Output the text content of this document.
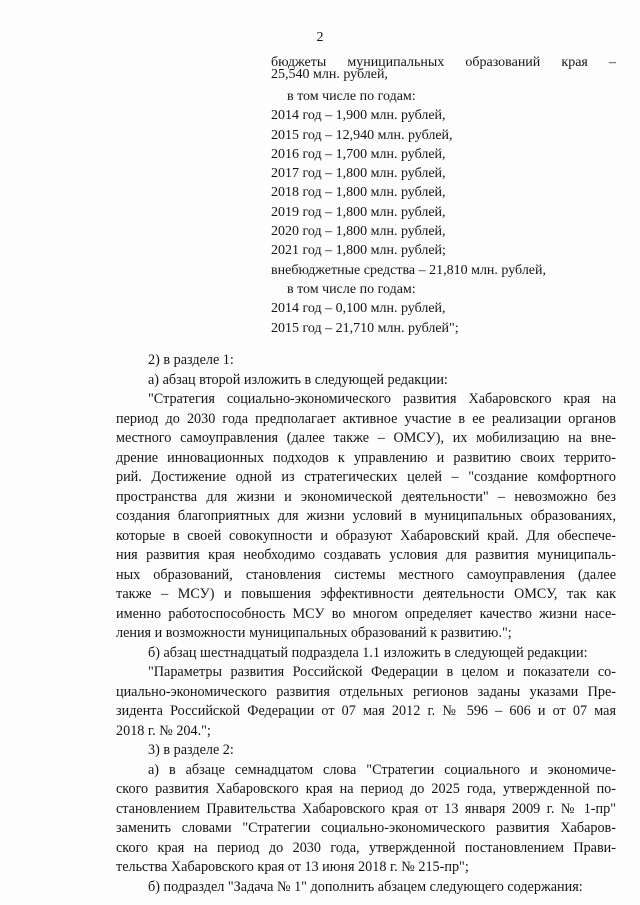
2
бюджеты муниципальных образований края –
25,540 млн. рублей,
в том числе по годам:
2014 год – 1,900 млн. рублей,
2015 год – 12,940 млн. рублей,
2016 год – 1,700 млн. рублей,
2017 год – 1,800 млн. рублей,
2018 год – 1,800 млн. рублей,
2019 год – 1,800 млн. рублей,
2020 год – 1,800 млн. рублей,
2021 год – 1,800 млн. рублей;
внебюджетные средства – 21,810 млн. рублей,
в том числе по годам:
2014 год – 0,100 млн. рублей,
2015 год – 21,710 млн. рублей";
2) в разделе 1:
а) абзац второй изложить в следующей редакции:
"Стратегия социально-экономического развития Хабаровского края на
период до 2030 года предполагает активное участие в ее реализации органов
местного самоуправления (далее также – ОМСУ), их мобилизацию на вне-
дрение инновационных подходов к управлению и развитию своих террито-
рий. Достижение одной из стратегических целей – "создание комфортного
пространства для жизни и экономической деятельности" – невозможно без
создания благоприятных для жизни условий в муниципальных образованиях,
которые в своей совокупности и образуют Хабаровский край. Для обеспече-
ния развития края необходимо создавать условия для развития муниципаль-
ных образований, становления системы местного самоуправления (далее
также – МСУ) и повышения эффективности деятельности ОМСУ, так как
именно работоспособность МСУ во многом определяет качество жизни насе-
ления и возможности муниципальных образований к развитию.";
б) абзац шестнадцатый подраздела 1.1 изложить в следующей редакции:
"Параметры развития Российской Федерации в целом и показатели со-
циально-экономического развития отдельных регионов заданы указами Пре-
зидента Российской Федерации от 07 мая 2012 г. № 596 – 606 и от 07 мая
2018 г. № 204.";
3) в разделе 2:
а) в абзаце семнадцатом слова "Стратегии социального и экономиче-
ского развития Хабаровского края на период до 2025 года, утвержденной по-
становлением Правительства Хабаровского края от 13 января 2009 г. № 1-пр"
заменить словами "Стратегии социально-экономического развития Хабаров-
ского края на период до 2030 года, утвержденной постановлением Прави-
тельства Хабаровского края от 13 июня 2018 г. № 215-пр";
б) подраздел "Задача № 1" дополнить абзацем следующего содержания:
